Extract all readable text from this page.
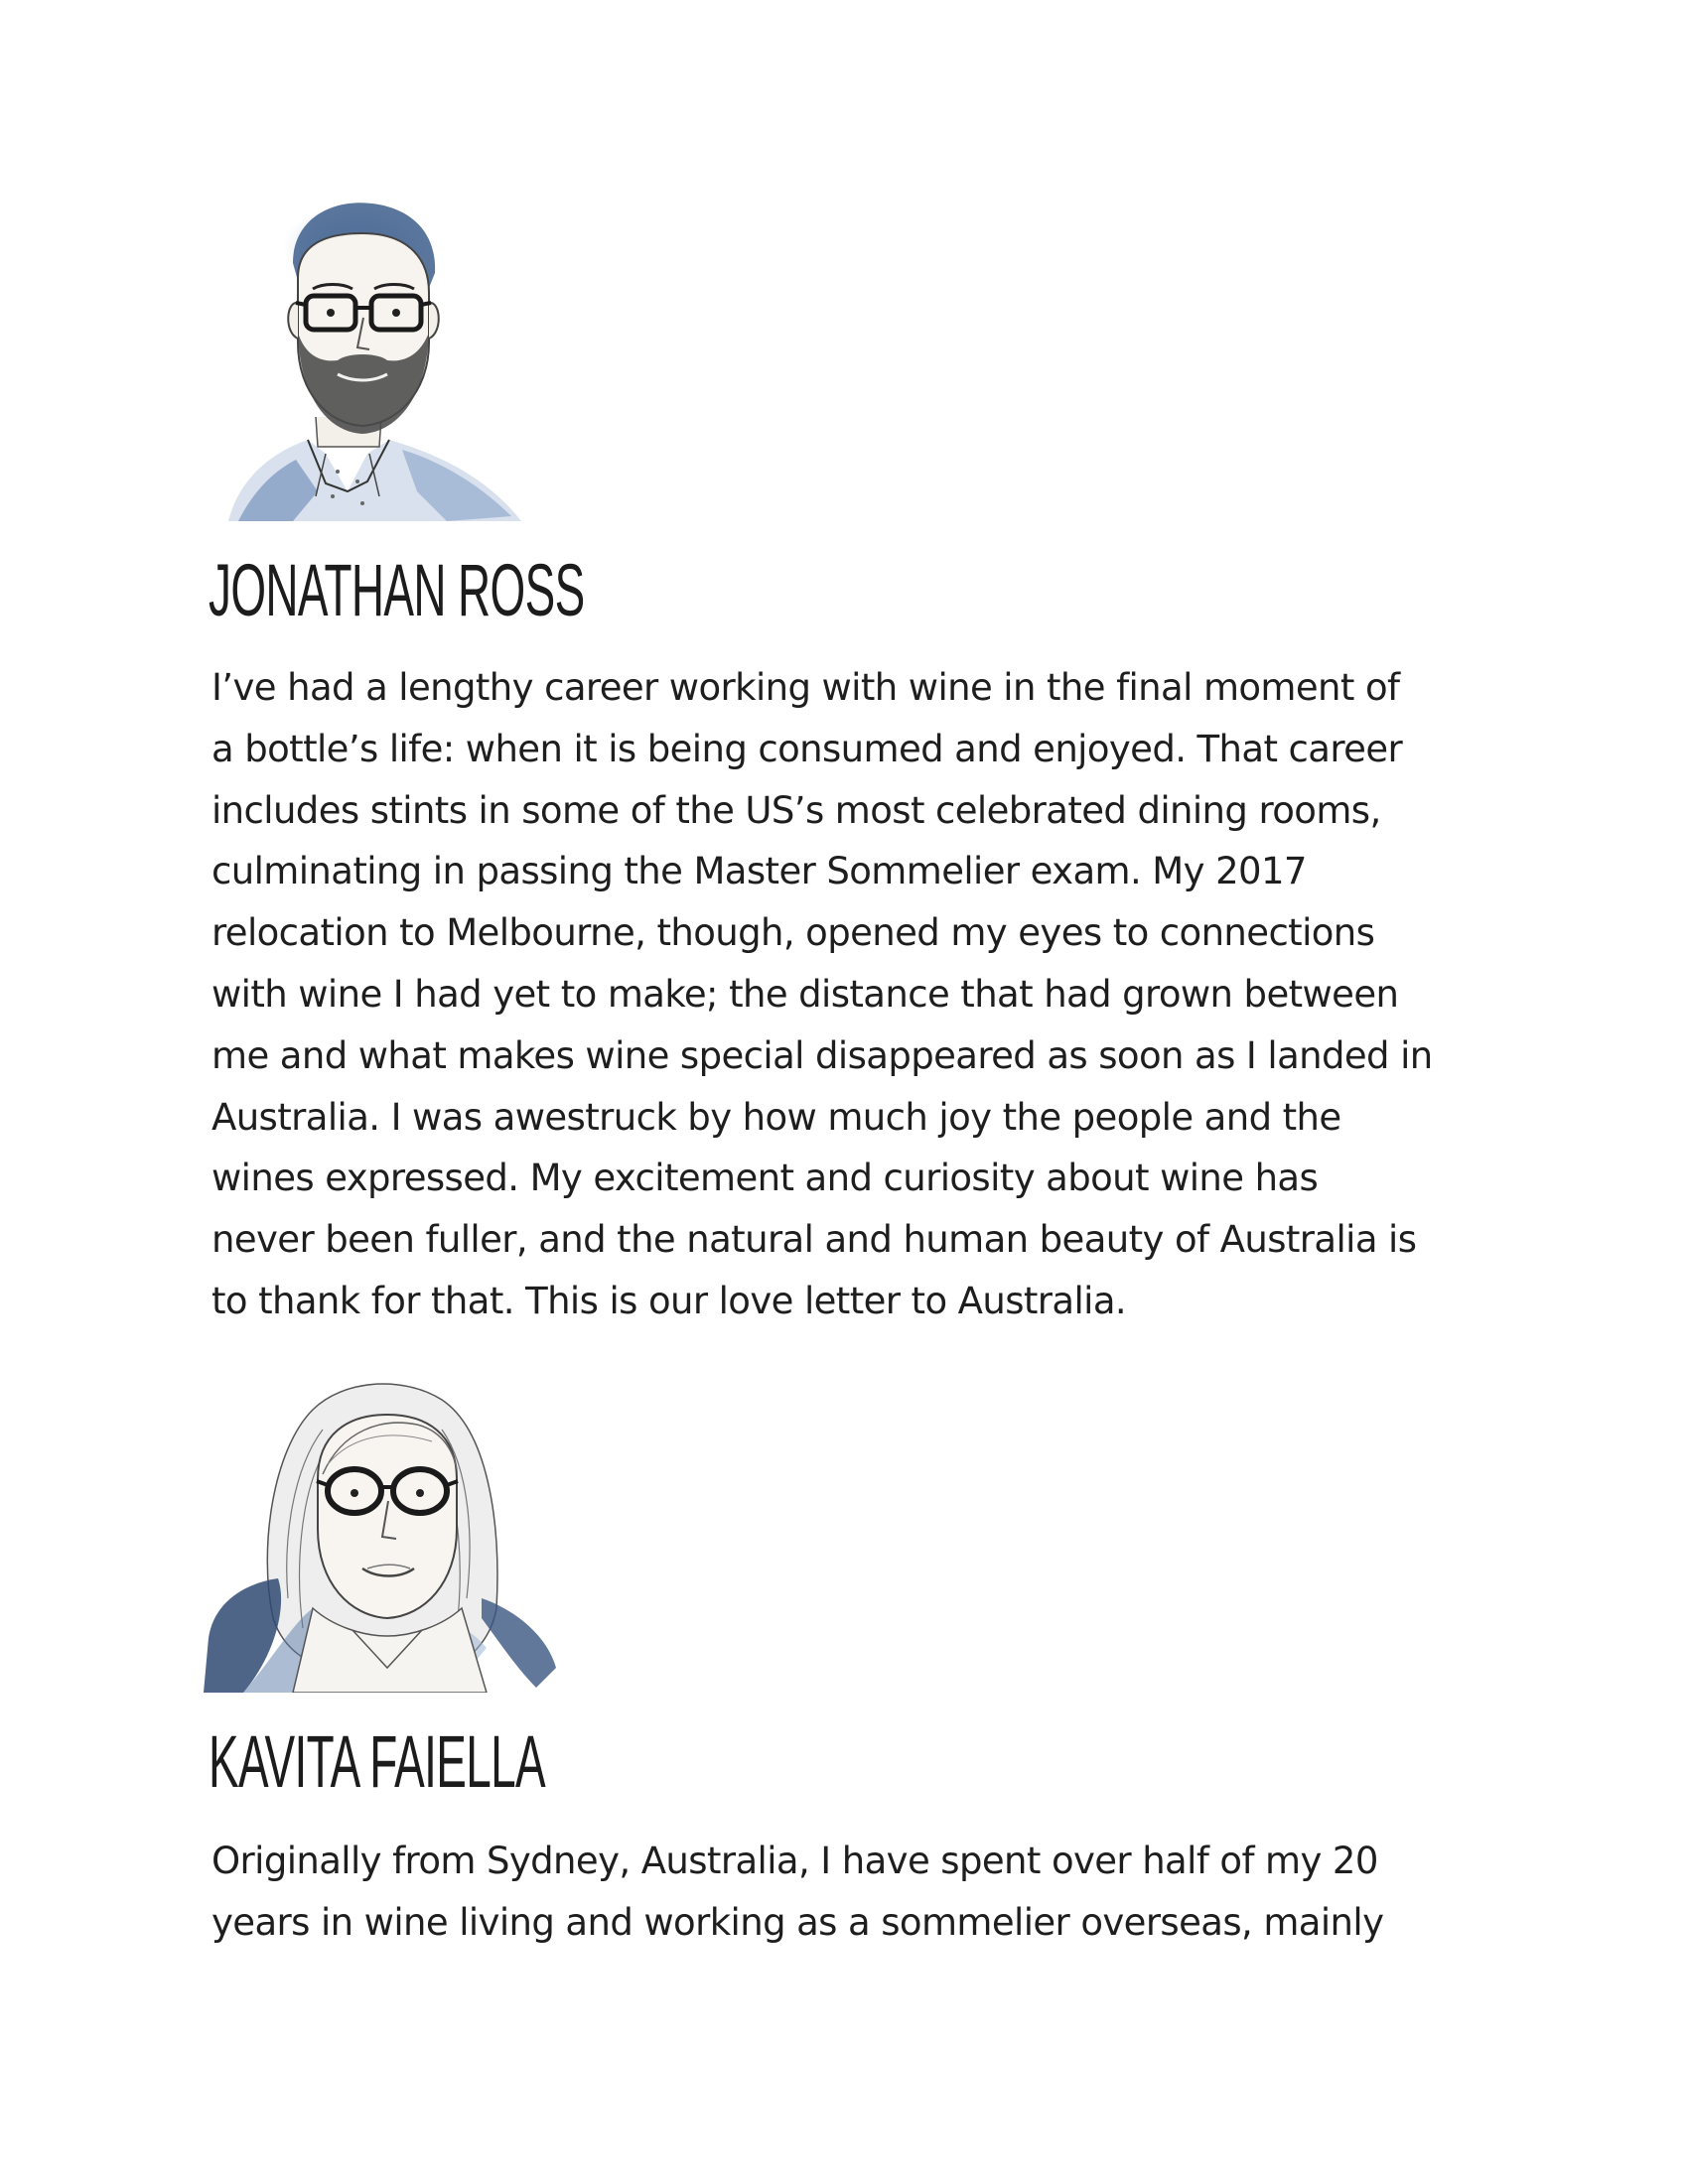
JONATHAN ROSS

I’ve had a lengthy career working with wine in the final moment of
a bottle’s life: when it is being consumed and enjoyed. That career
includes stints in some of the US’s most celebrated dining rooms,
culminating in passing the Master Sommelier exam. My 2017
relocation to Melbourne, though, opened my eyes to connections
with wine I had yet to make; the distance that had grown between
me and what makes wine special disappeared as soon as I landed in
Australia. I was awestruck by how much joy the people and the
wines expressed. My excitement and curiosity about wine has
never been fuller, and the natural and human beauty of Australia is
to thank for that. This is our love letter to Australia.

KAVITA FAIELLA

Originally from Sydney, Australia, I have spent over half of my 20
years in wine living and working as a sommelier overseas, mainly
